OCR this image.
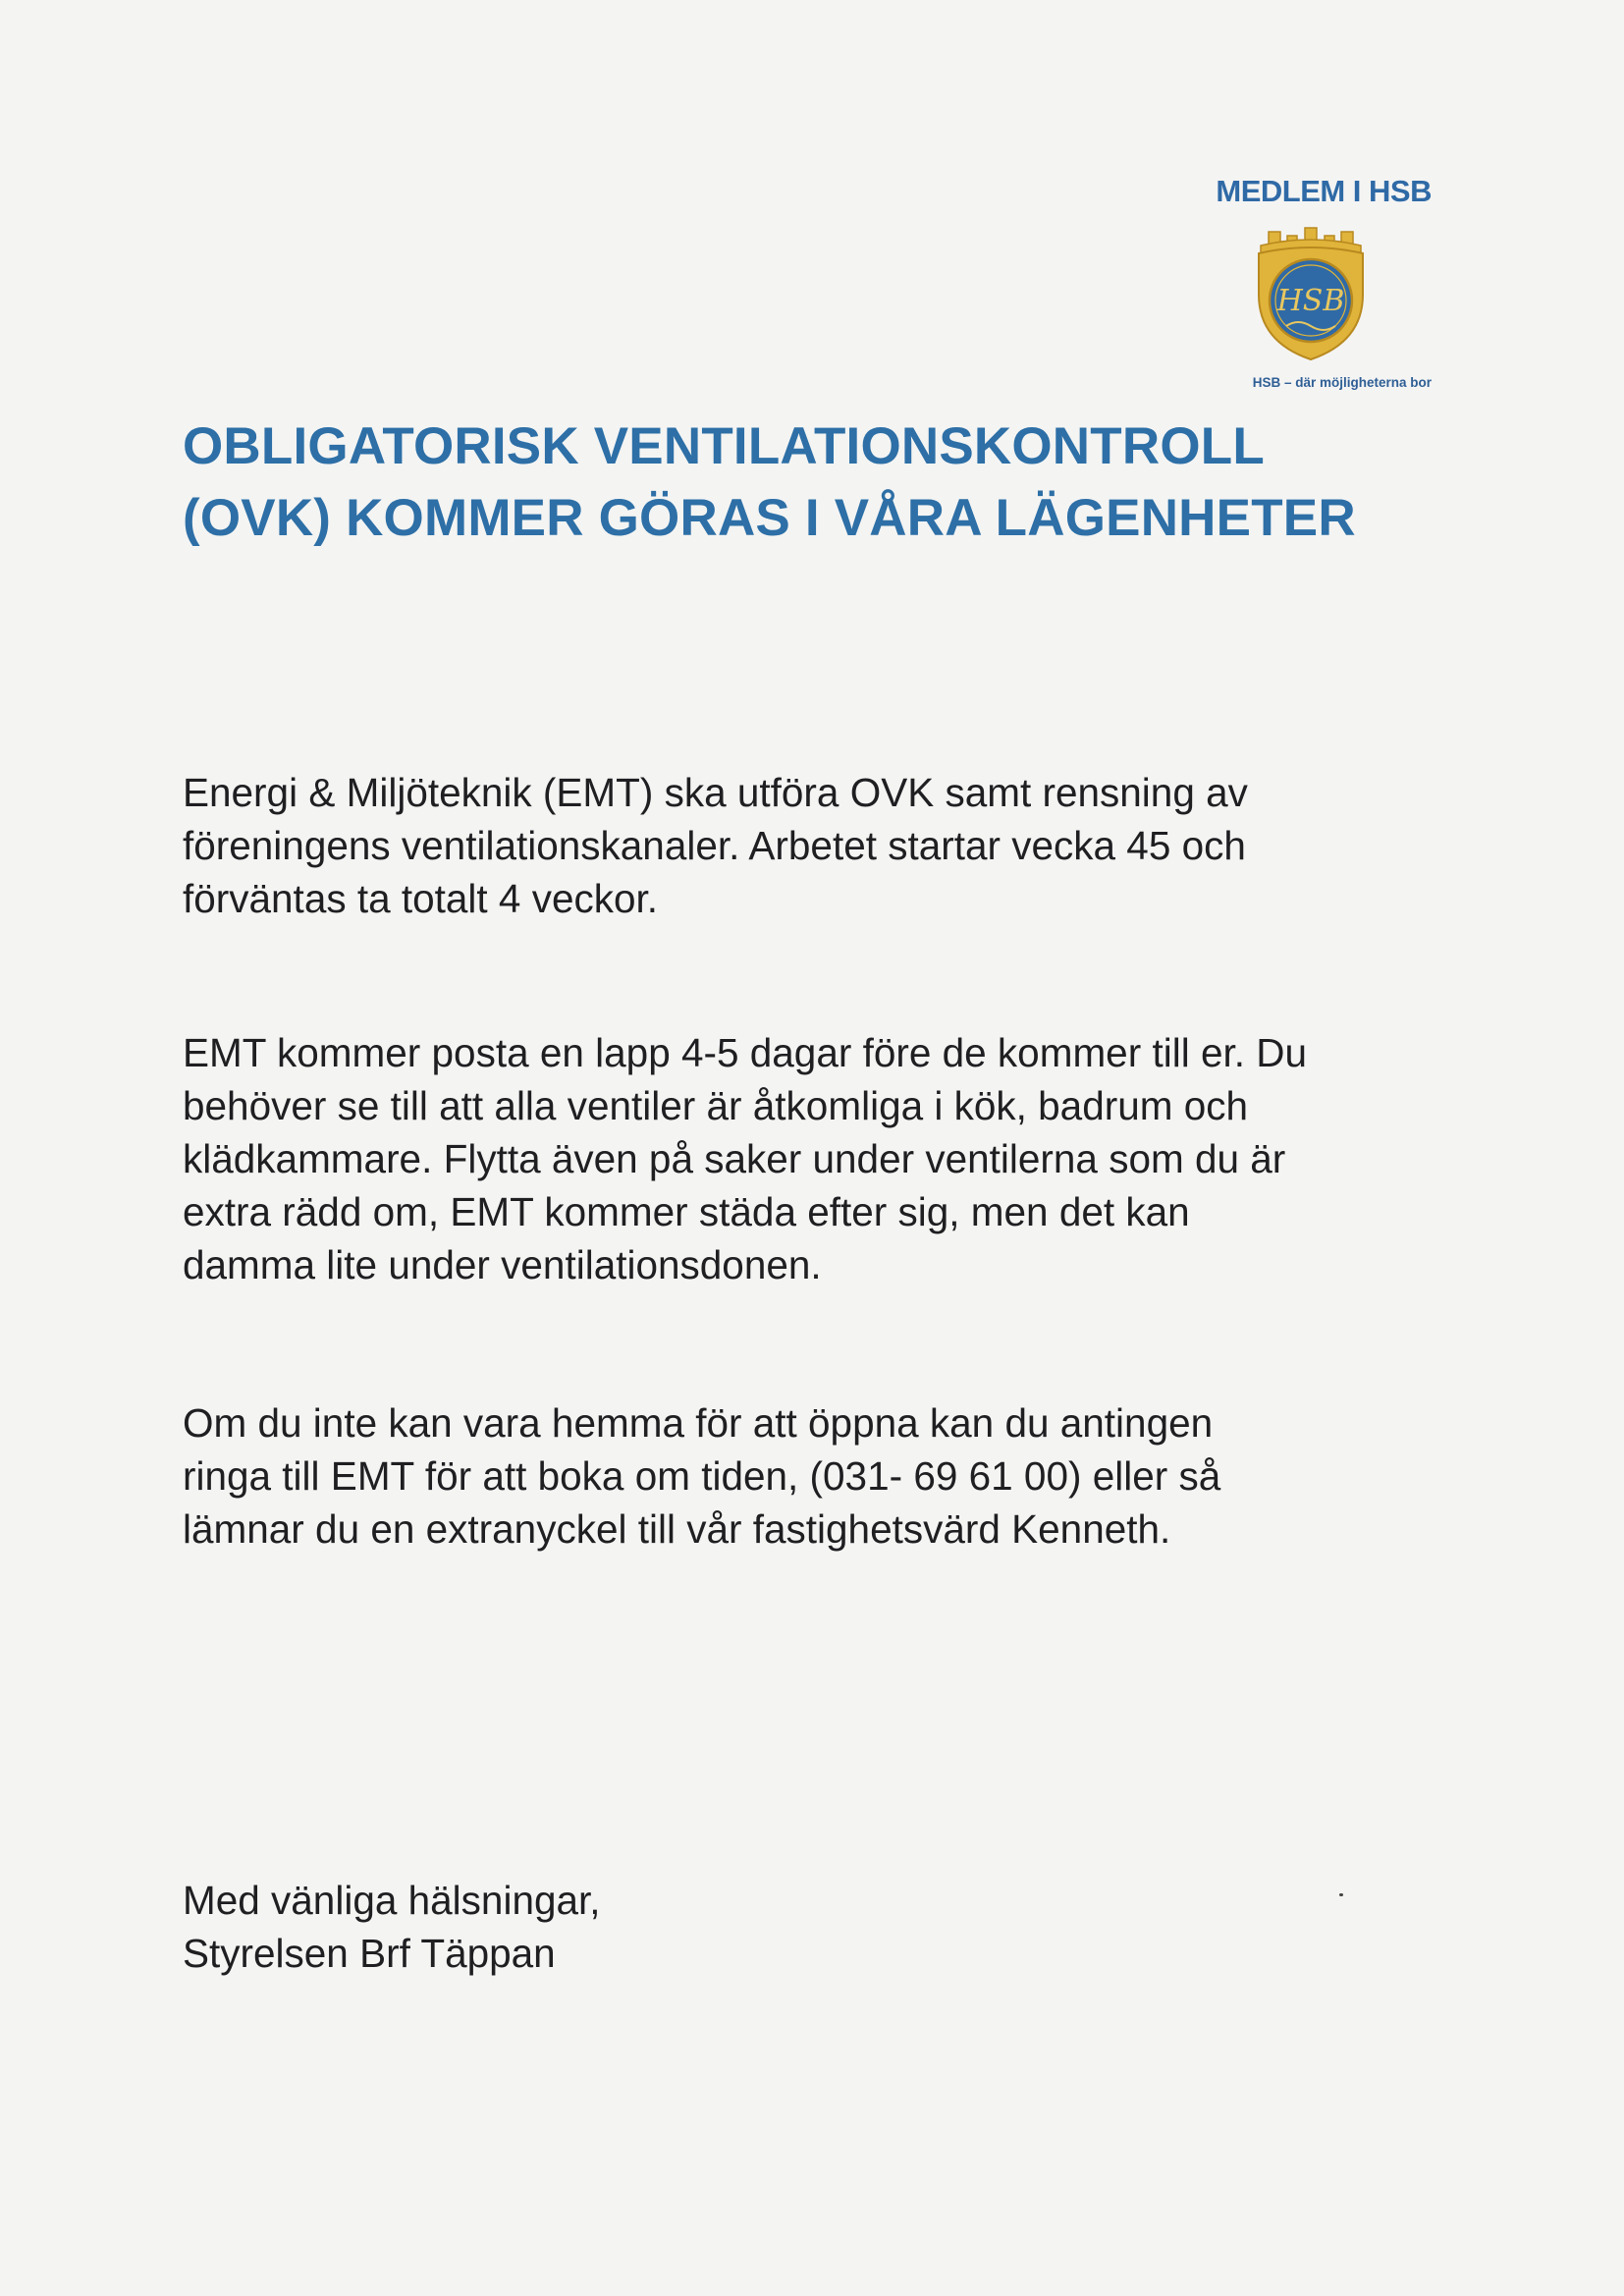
MEDLEM I HSB
HSB
HSB – där möjligheterna bor
OBLIGATORISK VENTILATIONSKONTROLL
(OVK) KOMMER GÖRAS I VÅRA LÄGENHETER

Energi & Miljöteknik (EMT) ska utföra OVK samt rensning av
föreningens ventilationskanaler. Arbetet startar vecka 45 och
förväntas ta totalt 4 veckor.

EMT kommer posta en lapp 4-5 dagar före de kommer till er. Du
behöver se till att alla ventiler är åtkomliga i kök, badrum och
klädkammare. Flytta även på saker under ventilerna som du är
extra rädd om, EMT kommer städa efter sig, men det kan
damma lite under ventilationsdonen.

Om du inte kan vara hemma för att öppna kan du antingen
ringa till EMT för att boka om tiden, (031- 69 61 00) eller så
lämnar du en extranyckel till vår fastighetsvärd Kenneth.

Med vänliga hälsningar,
Styrelsen Brf Täppan
